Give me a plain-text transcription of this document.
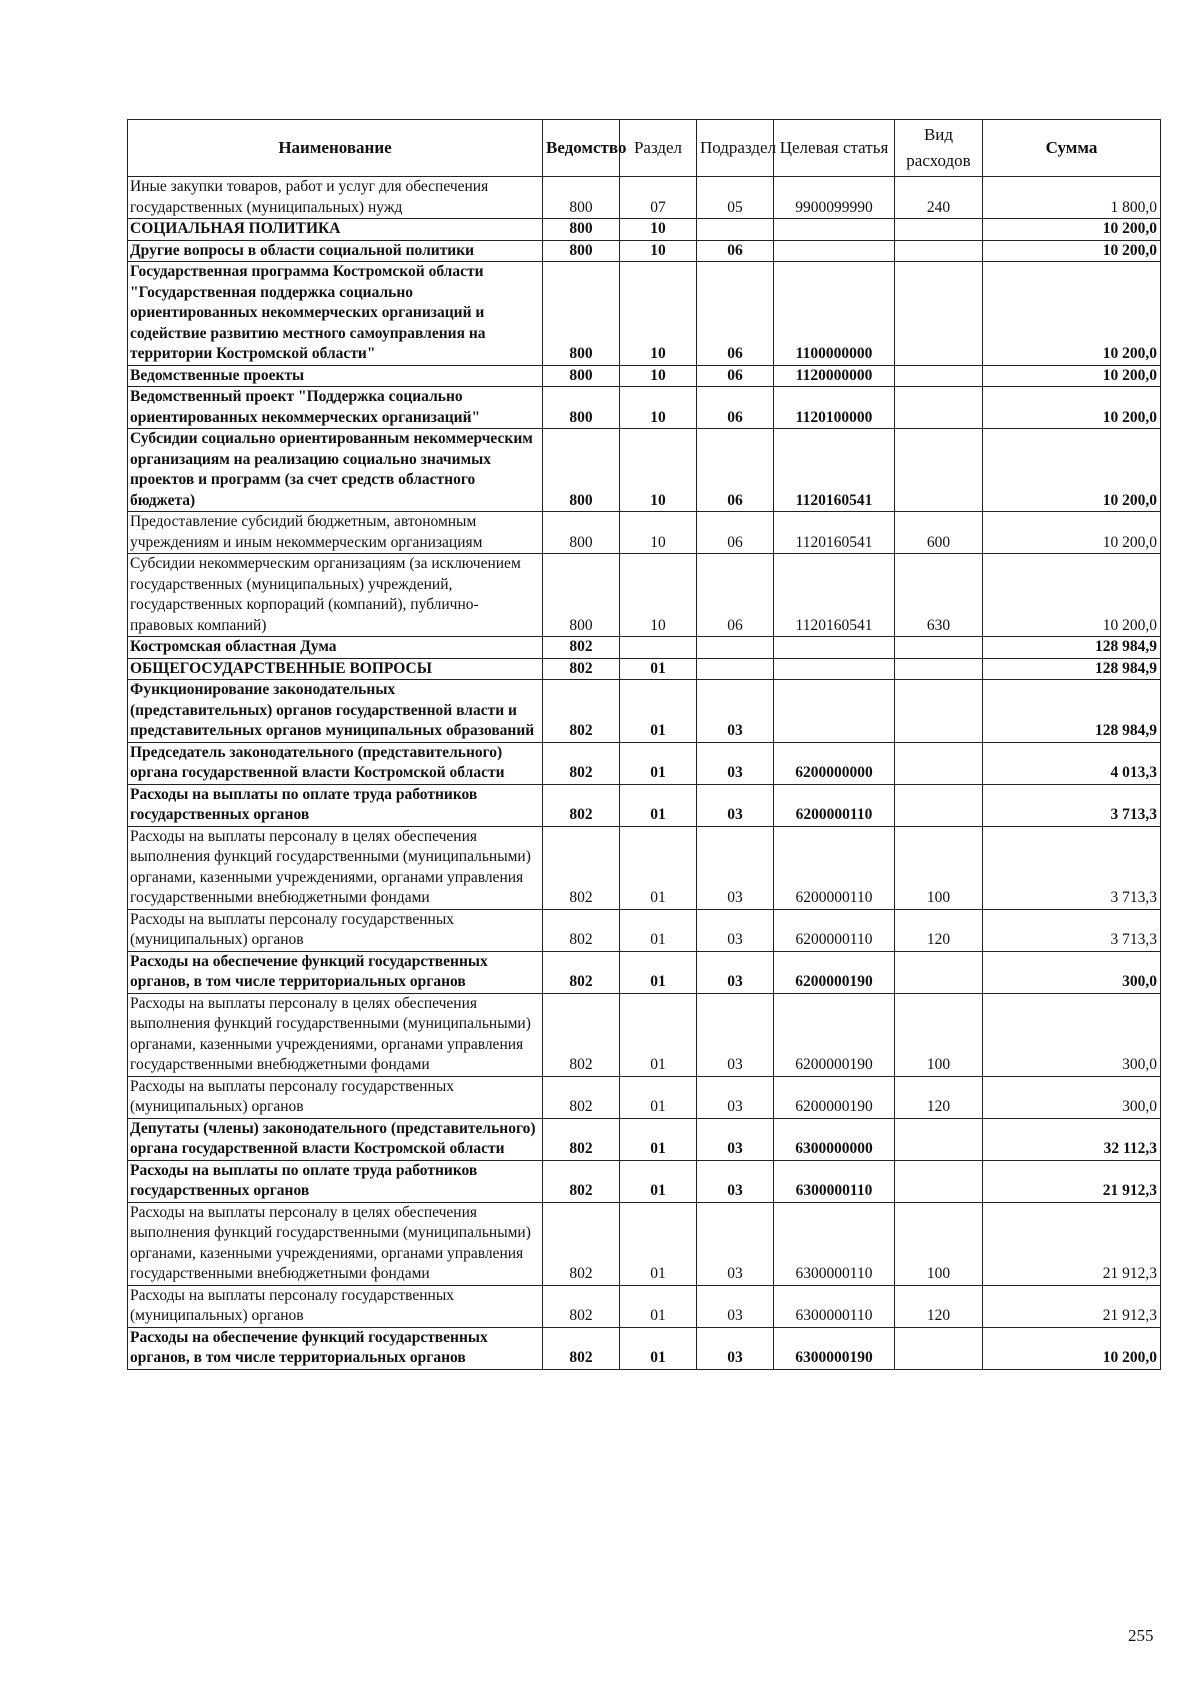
Наименование	Ведомство	Раздел	Подраздел	Целевая статья	Вид расходов	Сумма
Иные закупки товаров, работ и услуг для обеспечения государственных (муниципальных) нужд	800	07	05	9900099990	240	1 800,0
СОЦИАЛЬНАЯ ПОЛИТИКА	800	10				10 200,0
Другие вопросы в области социальной политики	800	10	06			10 200,0
Государственная программа Костромской области "Государственная поддержка социально ориентированных некоммерческих организаций и содействие развитию местного самоуправления на территории Костромской области"	800	10	06	1100000000		10 200,0
Ведомственные проекты	800	10	06	1120000000		10 200,0
Ведомственный проект "Поддержка социально ориентированных некоммерческих организаций"	800	10	06	1120100000		10 200,0
Субсидии социально ориентированным некоммерческим организациям на реализацию социально значимых проектов и программ (за счет средств областного бюджета)	800	10	06	1120160541		10 200,0
Предоставление субсидий бюджетным, автономным учреждениям и иным некоммерческим организациям	800	10	06	1120160541	600	10 200,0
Субсидии некоммерческим организациям (за исключением государственных (муниципальных) учреждений, государственных корпораций (компаний), публично-правовых компаний)	800	10	06	1120160541	630	10 200,0
Костромская областная Дума	802					128 984,9
ОБЩЕГОСУДАРСТВЕННЫЕ ВОПРОСЫ	802	01				128 984,9
Функционирование законодательных (представительных) органов государственной власти и представительных органов муниципальных образований	802	01	03			128 984,9
Председатель законодательного (представительного) органа государственной власти Костромской области	802	01	03	6200000000		4 013,3
Расходы на выплаты по оплате труда работников государственных органов	802	01	03	6200000110		3 713,3
Расходы на выплаты персоналу в целях обеспечения выполнения функций государственными (муниципальными) органами, казенными учреждениями, органами управления государственными внебюджетными фондами	802	01	03	6200000110	100	3 713,3
Расходы на выплаты персоналу государственных (муниципальных) органов	802	01	03	6200000110	120	3 713,3
Расходы на обеспечение функций государственных органов, в том числе территориальных органов	802	01	03	6200000190		300,0
Расходы на выплаты персоналу в целях обеспечения выполнения функций государственными (муниципальными) органами, казенными учреждениями, органами управления государственными внебюджетными фондами	802	01	03	6200000190	100	300,0
Расходы на выплаты персоналу государственных (муниципальных) органов	802	01	03	6200000190	120	300,0
Депутаты (члены) законодательного (представительного) органа государственной власти Костромской области	802	01	03	6300000000		32 112,3
Расходы на выплаты по оплате труда работников государственных органов	802	01	03	6300000110		21 912,3
Расходы на выплаты персоналу в целях обеспечения выполнения функций государственными (муниципальными) органами, казенными учреждениями, органами управления государственными внебюджетными фондами	802	01	03	6300000110	100	21 912,3
Расходы на выплаты персоналу государственных (муниципальных) органов	802	01	03	6300000110	120	21 912,3
Расходы на обеспечение функций государственных органов, в том числе территориальных органов	802	01	03	6300000190		10 200,0
255
